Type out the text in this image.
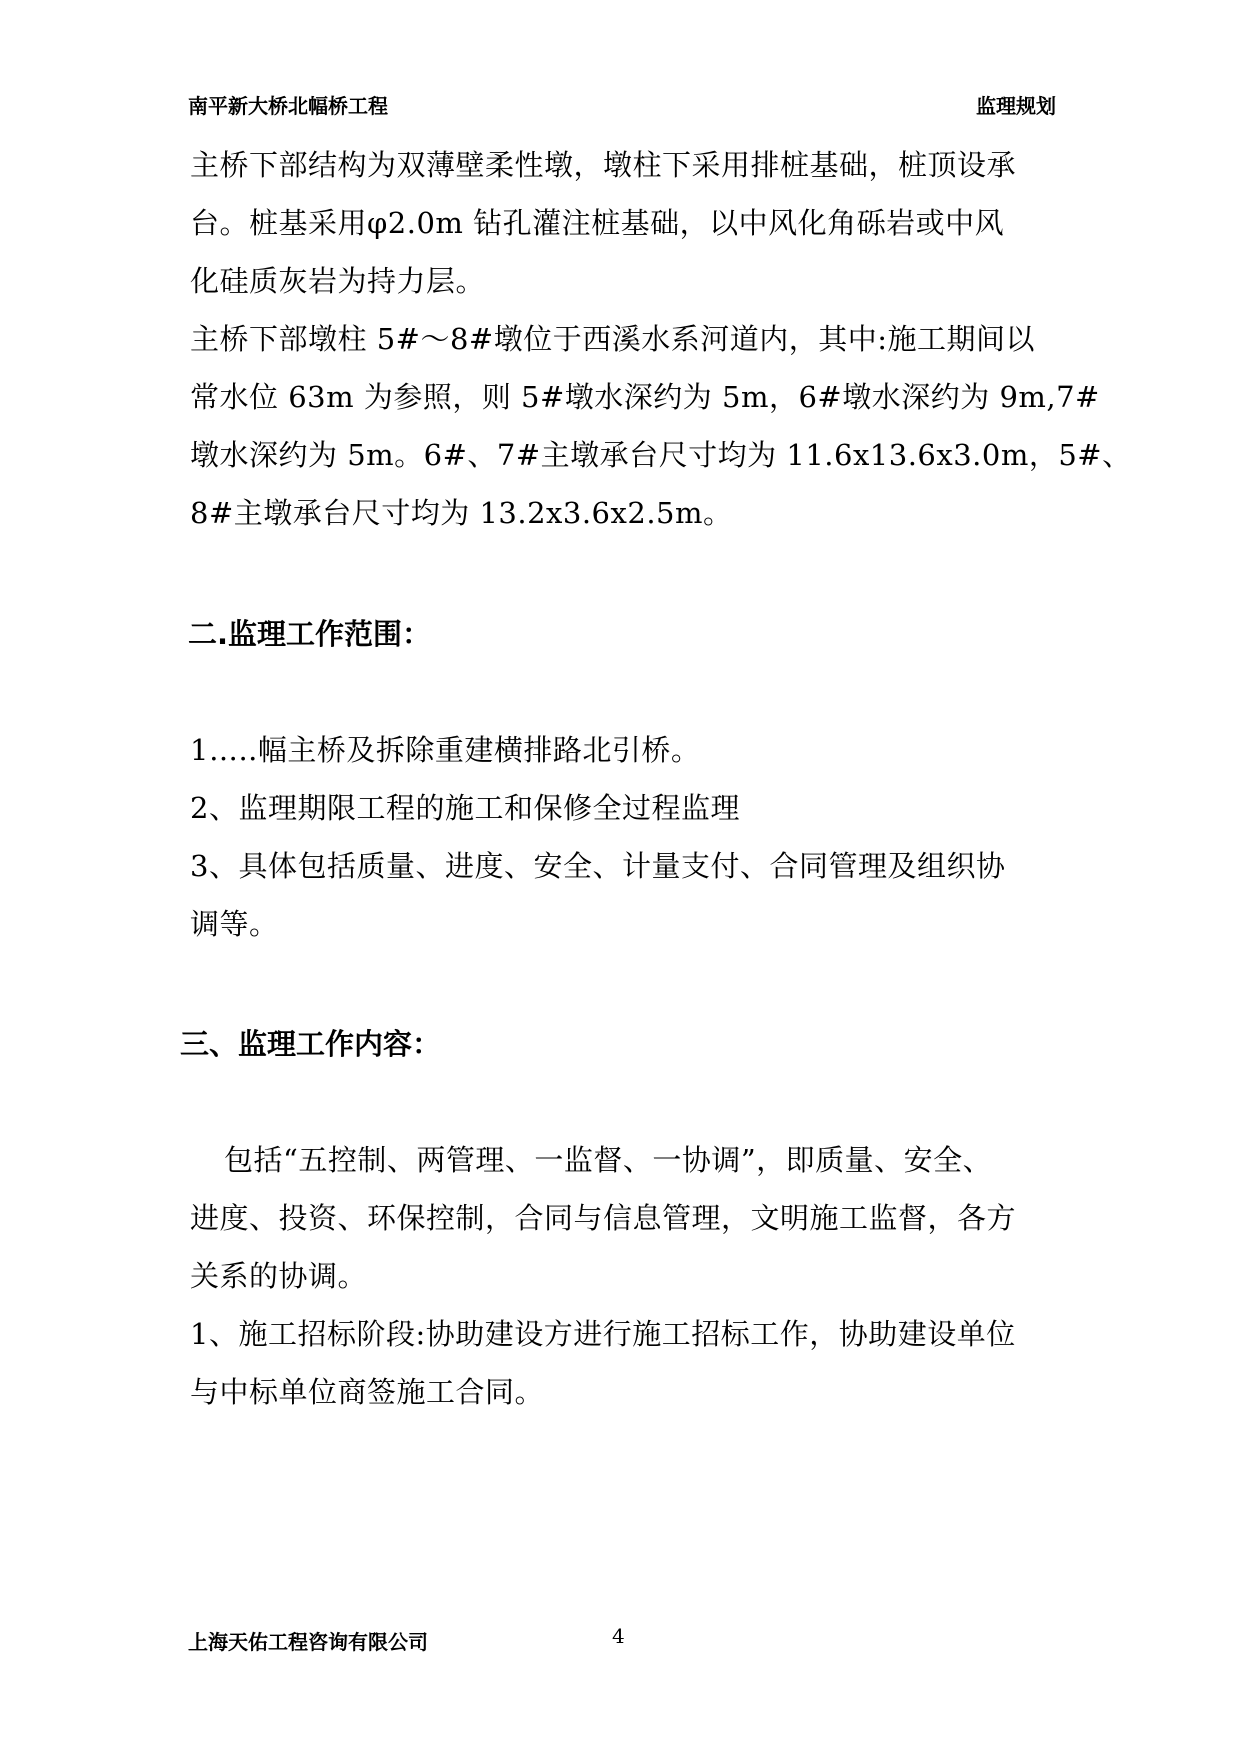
南平新大桥北幅桥工程	监理规划
主桥下部结构为双薄壁柔性墩，墩柱下采用排桩基础，桩顶设承
台。桩基采用φ2.0m 钻孔灌注桩基础，以中风化角砾岩或中风
化硅质灰岩为持力层。
主桥下部墩柱 5#～8#墩位于西溪水系河道内，其中:施工期间以
常水位 63m 为参照，则 5#墩水深约为 5m，6#墩水深约为 9m,7#
墩水深约为 5m。6#、7#主墩承台尺寸均为 11.6x13.6x3.0m，5#、
8#主墩承台尺寸均为 13.2x3.6x2.5m。
二.监理工作范围：
1…..幅主桥及拆除重建横排路北引桥。
2、监理期限工程的施工和保修全过程监理
3、具体包括质量、进度、安全、计量支付、合同管理及组织协
调等。
三、监理工作内容：
包括“五控制、两管理、一监督、一协调”，即质量、安全、
进度、投资、环保控制，合同与信息管理，文明施工监督，各方
关系的协调。
1、施工招标阶段:协助建设方进行施工招标工作，协助建设单位
与中标单位商签施工合同。
上海天佑工程咨询有限公司	4
